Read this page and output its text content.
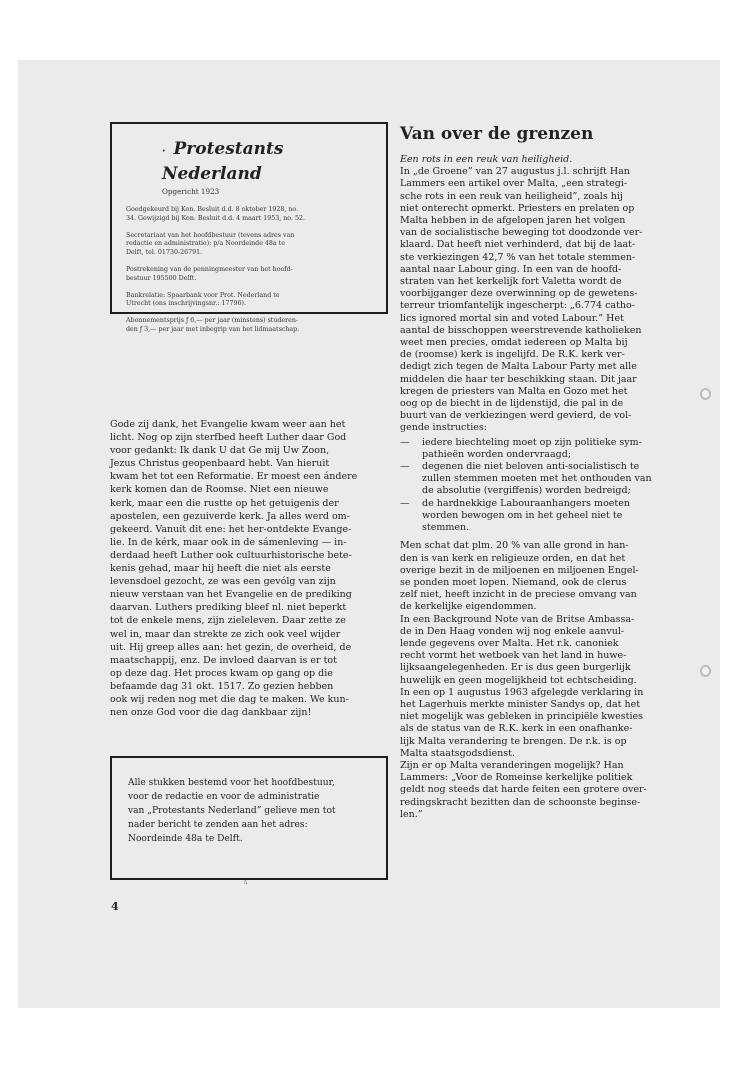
· Protestants Nederland
Opgericht 1923

Goedgekeurd bij Kon. Besluit d.d. 8 oktober 1928, no.
34. Gewijzigd bij Kon. Besluit d.d. 4 maart 1953, no. 52.

Secretariaat van het hoofdbestuur (tevens adres van
redactie en administratie): p/a Noordeinde 48a te
Delft, tel. 01730-26791.

Postrekening van de penningmeester van het hoofd-
bestuur 195500 Delft.

Bankrelatie: Spaarbank voor Prot. Nederland te
Utrecht (ons inschrijvingsnr.: 17796).

Abonnementsprijs ƒ 6,— per jaar (minstens) studeren-
den ƒ 3,— per jaar met inbegrip van het lidmaatschap.

Gode zij dank, het Evangelie kwam weer aan het
licht. Nog op zijn sterfbed heeft Luther daar God
voor gedankt: Ik dank U dat Ge mij Uw Zoon,
Jezus Christus geopenbaard hebt. Van hieruit
kwam het tot een Reformatie. Er moest een ándere
kerk komen dan de Roomse. Niet een nieuwe
kerk, maar een die rustte op het getuigenis der
apostelen, een gezuiverde kerk. Ja alles werd om-
gekeerd. Vanuit dit ene: het her-ontdekte Evange-
lie. In de kérk, maar ook in de sámenleving — in-
derdaad heeft Luther ook cultuurhistorische bete-
kenis gehad, maar hij heeft die niet als eerste
levensdoel gezocht, ze was een gevólg van zijn
nieuw verstaan van het Evangelie en de prediking
daarvan. Luthers prediking bleef nl. niet beperkt
tot de enkele mens, zijn zieleleven. Daar zette ze
wel in, maar dan strekte ze zich ook veel wijder
uit. Hij greep alles aan: het gezin, de overheid, de
maatschappij, enz. De invloed daarvan is er tot
op deze dag. Het proces kwam op gang op die
befaamde dag 31 okt. 1517. Zo gezien hebben
ook wij reden nog met die dag te maken. We kun-
nen onze God voor die dag dankbaar zijn!

Alle stukken bestemd voor het hoofdbestuur,
voor de redactie en voor de administratie
van „Protestants Nederland” gelieve men tot
nader bericht te zenden aan het adres:
Noordeinde 48a te Delft.

Van over de grenzen

Een rots in een reuk van heiligheid.

In „de Groene” van 27 augustus j.l. schrijft Han
Lammers een artikel over Malta, „een strategi-
sche rots in een reuk van heiligheid”, zoals hij
niet onterecht opmerkt. Priesters en prelaten op
Malta hebben in de afgelopen jaren het volgen
van de socialistische beweging tot doodzonde ver-
klaard. Dat heeft niet verhinderd, dat bij de laat-
ste verkiezingen 42,7 % van het totale stemmen-
aantal naar Labour ging. In een van de hoofd-
straten van het kerkelijk fort Valetta wordt de
voorbijganger deze overwinning op de gewetens-
terreur triomfantelijk ingescherpt: „6.774 catho-
lics ignored mortal sin and voted Labour.” Het
aantal de bisschoppen weerstrevende katholieken
weet men precies, omdat iedereen op Malta bij
de (roomse) kerk is ingelijfd. De R.K. kerk ver-
dedigt zich tegen de Malta Labour Party met alle
middelen die haar ter beschikking staan. Dit jaar
kregen de priesters van Malta en Gozo met het
oog op de biecht in de lijdenstijd, die pal in de
buurt van de verkiezingen werd gevierd, de vol-
gende instructies:

— iedere biechteling moet op zijn politieke sym-
pathieën worden ondervraagd;
— degenen die niet beloven anti-socialistisch te
zullen stemmen moeten met het onthouden van
de absolutie (vergiffenis) worden bedreigd;
— de hardnekkige Labouraanhangers moeten
worden bewogen om in het geheel niet te
stemmen.

Men schat dat plm. 20 % van alle grond in han-
den is van kerk en religieuze orden, en dat het
overige bezit in de miljoenen en miljoenen Engel-
se ponden moet lopen. Niemand, ook de clerus
zelf niet, heeft inzicht in de preciese omvang van
de kerkelijke eigendommen.

In een Background Note van de Britse Ambassa-
de in Den Haag vonden wij nog enkele aanvul-
lende gegevens over Malta. Het r.k. canoniek
recht vormt het wetboek van het land in huwe-
lijksaangelegenheden. Er is dus geen burgerlijk
huwelijk en geen mogelijkheid tot echtscheiding.
In een op 1 augustus 1963 afgelegde verklaring in
het Lagerhuis merkte minister Sandys op, dat het
niet mogelijk was gebleken in principiële kwesties
als de status van de R.K. kerk in een onafhanke-
lijk Malta verandering te brengen. De r.k. is op
Malta staatsgodsdienst.

Zijn er op Malta veranderingen mogelijk? Han
Lammers: „Voor de Romeinse kerkelijke politiek
geldt nog steeds dat harde feiten een grotere over-
redingskracht bezitten dan de schoonste beginse-
len.”

5
4
